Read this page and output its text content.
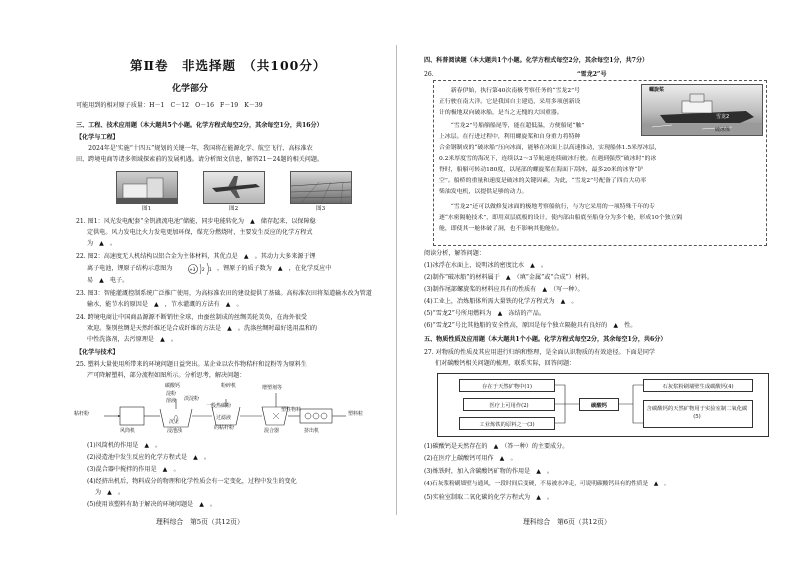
第Ⅱ卷　非选择题　（共100分）
化学部分
可能用到的相对原子质量：H－1　C－12　O－16　F－19　K－39
三、工程、技术应用题（本大题共5个小题。化学方程式每空2分，其余每空1分，共16分）
【化学与工程】
　　2024年是'实施“十四五”规划的关键一年，我国将在能源化学、航空飞行、高标准农
田、跨境电商等诸多领域探索前的发展机遇。请分析图文信息，解答21～24题的相关问题。
图1	图2	图3
21. 图1：风光发电配套“全钒液流电池”储能，同步电能转化为　▲　储存起来，以保障稳
定供电。风力发电比火力发电更加环保，煤充分燃烧时，主要发生反应的化学方程式
为　▲　。
22. 图2：高速度无人机结构以铝合金为主体材料，其优点是　▲　。其动力大多来源于锂
离子电池，锂原子结构示意图为	+3 2 1 ，锂原子的质子数为　▲　，在化学反应中
易　▲　电子。
23. 图3：智能灌溉控制系统广泛推广使用，为高标准农田的建设提供了基础。高标准农田将渠道输水改为管道
输水，能节水的原因是　▲　，节水灌溉的方法有　▲　。
24. 跨境电商让中国商品源源不断销往全球，由蚕丝制成的丝绸美轮美奂，在海外很受
欢迎。鉴别丝绸是天然纤维还是合成纤维的方法是　▲　。洗涤丝绸时最好选用温和的
中性洗涤剂，去污原理是　▲　。
【化学与技术】
25. 塑料大量使用所带来的环境问题日益突出。某企业以农作物秸秆和淀粉等为原料生
产可降解塑料，部分流程如图所示。分析思考，解决问题：
碳酸钙	粉碎机	增塑剂等
淀粉
溶液
一般热碳粉
的粘杆粉
粘杆粉
风筒机
沉上
浸池浊
淡淀粉
过滤液
混合器
塑性物料
挤出机
塑料粒
(1)风筒机的作用是　▲　。
(2)浸造池中发生反应的化学方程式是　▲　。
(3)混合器中搅拌的作用是　▲　。
(4)经挤出机后，物料成分的物理和化学性质会有一定变化，过程中发生的变化
为　▲　。
(5)使用该塑料有助于解决的环境问题是　▲　。
理科综合　第5页（共12页）
四、科普阅读题（本大题共1个小题。化学方程式每空2分，其余每空1分，共7分）
26.	“雪龙2”号
　　新春伊始，执行第40次南极考察任务的“雪龙2”号
正行驶在南大洋。它是我国自主建造，采用多项创新设
计的极地双向破冰船，是当之无愧的大国重器。
　　“雪龙2”号船艏船尾等，能在超低温，方便船尾“触”
上冰层。在行进过程中，利用螺旋桨和自身重力将特种
合金钢制成的“破冰船”压向冰面，能够在冰面上以高速推动，实现船体1.5米厚冰层，
0.2米厚度雪的海况下，连续以2～3节航速连续破冰行驶。在遇到强烈“破冰时”的冰
脊时，船艏可转动180度，以尾部的螺旋桨在海面下刮冰，最多20米的冰脊“铲
空”。船桥的重量和速度是破冰的关键因素，为此，“雪龙2”号配备了四台大功率
柴油发电机，以提供足够的动力。
　　“雪龙2”还可以做修复冰面的极地考察船航行，与为它采用的一项特殊千年的专
逐“水密隔舱技术”，即用双层底板的设计，使内部由船底至船身分为多个舱，形成10个独立隔
舱，即使其一舱体破了洞，也不影响其他舱位。
雪龙2
螺旋桨
破冰体
阅读分析，解答问题：
(1)冰浮在水面上，说明冰的密度比水　▲　。
(2)制作“破冰船”的材料属于　▲　（填“金属”或“合成”）材料。
(3)制作尾部螺旋桨的材料应具有的性质有　▲　（写一种）。
(4)工业上，冶炼船体所需大量铁的化学方程式为　▲　。
(5)“雪龙2”号所用燃料为　▲　冻结的产品。
(6)“雪龙2”号比其他船的安全性高，原因是每个独立隔舱具有良好的　▲　性。
五、物质性质及应用题（本大题共1个小题。化学方程式每空2分，其余每空1分，共6分）
27. 对物质的性质及其应用进行归纳和整理，是全面认识物质的有效途径。下面是同学
们对碳酸钙相关问题的梳理，联系实际，回答问题：
存在于天然矿物中(1)
医疗上可用作(2)
工业炼铁的原料之一(3)
碳酸钙
石灰浆粉刷墙壁生成碳酸钙(4)
含碳酸钙的天然矿物用于实验室制二氧化碳(5)
(1)碳酸钙是天然存在的　▲　（答一种）的主要成分。
(2)在医疗上碳酸钙可用作　▲　。
(3)炼铁时，加入含碳酸钙矿物的作用是　▲　。
(4)石灰浆粉刷墙壁与通风，一段时间后变硬，不易被水冲走，可说明碳酸钙具有的性质是　▲　。
(5)实验室制取二氧化碳的化学方程式为　▲　。
理科综合　第6页（共12页）
